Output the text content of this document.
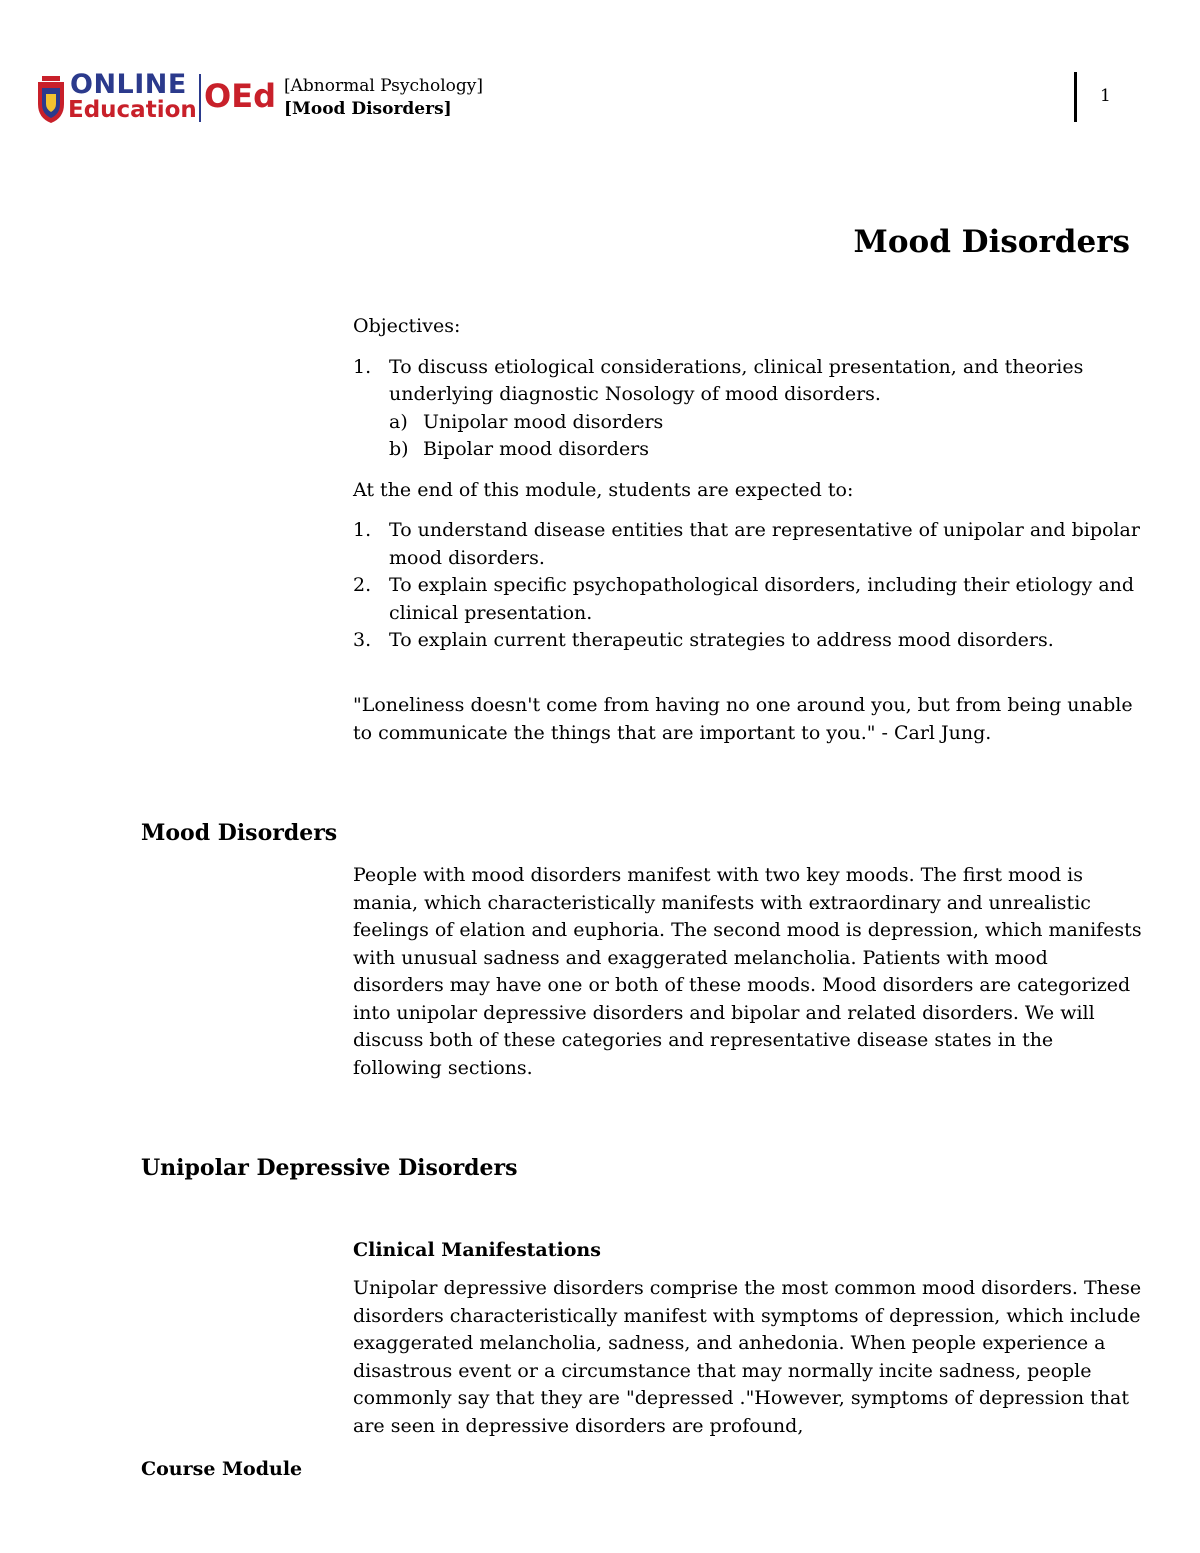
ONLINE
Education OEd [Abnormal Psychology]
[Mood Disorders]
1
Mood Disorders
Objectives:
1. To discuss etiological considerations, clinical presentation, and theories underlying diagnostic Nosology of mood disorders.
a) Unipolar mood disorders
b) Bipolar mood disorders
At the end of this module, students are expected to:
1. To understand disease entities that are representative of unipolar and bipolar mood disorders.
2. To explain specific psychopathological disorders, including their etiology and clinical presentation.
3. To explain current therapeutic strategies to address mood disorders.
"Loneliness doesn't come from having no one around you, but from being unable to communicate the things that are important to you." - Carl Jung.
Mood Disorders
People with mood disorders manifest with two key moods. The first mood is mania, which characteristically manifests with extraordinary and unrealistic feelings of elation and euphoria. The second mood is depression, which manifests with unusual sadness and exaggerated melancholia. Patients with mood disorders may have one or both of these moods. Mood disorders are categorized into unipolar depressive disorders and bipolar and related disorders. We will discuss both of these categories and representative disease states in the following sections.
Unipolar Depressive Disorders
Clinical Manifestations
Unipolar depressive disorders comprise the most common mood disorders. These disorders characteristically manifest with symptoms of depression, which include exaggerated melancholia, sadness, and anhedonia. When people experience a disastrous event or a circumstance that may normally incite sadness, people commonly say that they are "depressed ."However, symptoms of depression that are seen in depressive disorders are profound,
Course Module
